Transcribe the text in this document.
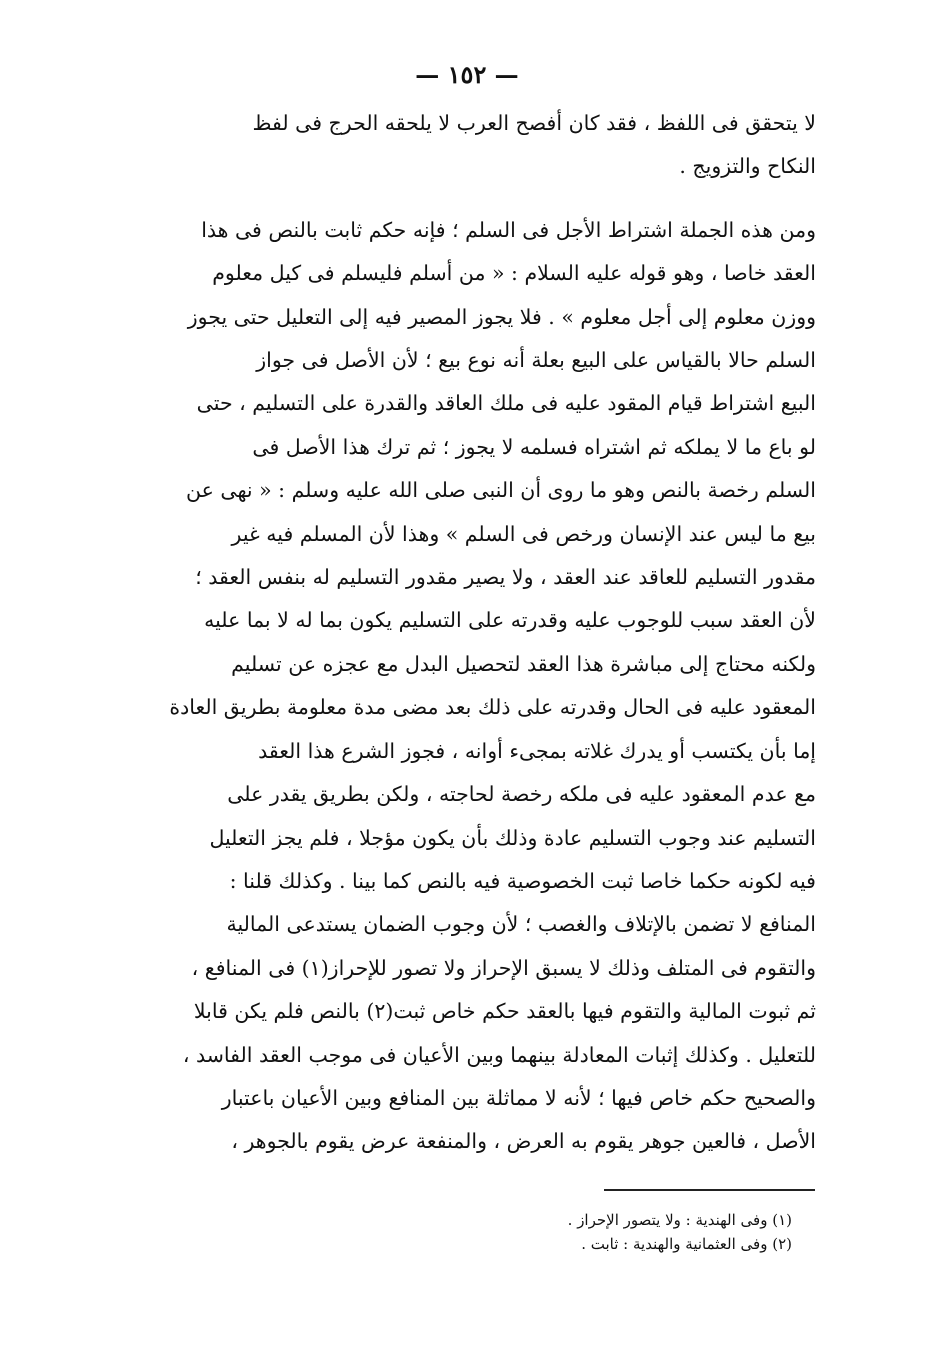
— ١٥٢ —
لا يتحقق فى اللفظ ، فقد كان أفصح العرب لا يلحقه الحرج فى لفظ
النكاح والتزويج .
ومن هذه الجملة اشتراط الأجل فى السلم ؛ فإنه حكم ثابت بالنص فى هذا
العقد خاصا ، وهو قوله عليه السلام : « من أسلم فليسلم فى كيل معلوم
ووزن معلوم إلى أجل معلوم » . فلا يجوز المصير فيه إلى التعليل حتى يجوز
السلم حالا بالقياس على البيع بعلة أنه نوع بيع ؛ لأن الأصل فى جواز
البيع اشتراط قيام المقود عليه فى ملك العاقد والقدرة على التسليم ، حتى
لو باع ما لا يملكه ثم اشتراه فسلمه لا يجوز ؛ ثم ترك هذا الأصل فى
السلم رخصة بالنص وهو ما روى أن النبى صلى الله عليه وسلم : « نهى عن
بيع ما ليس عند الإنسان ورخص فى السلم » وهذا لأن المسلم فيه غير
مقدور التسليم للعاقد عند العقد ، ولا يصير مقدور التسليم له بنفس العقد ؛
لأن العقد سبب للوجوب عليه وقدرته على التسليم يكون بما له لا بما عليه
ولكنه محتاج إلى مباشرة هذا العقد لتحصيل البدل مع عجزه عن تسليم
المعقود عليه فى الحال وقدرته على ذلك بعد مضى مدة معلومة بطريق العادة
إما بأن يكتسب أو يدرك غلاته بمجىء أوانه ، فجوز الشرع هذا العقد
مع عدم المعقود عليه فى ملكه رخصة لحاجته ، ولكن بطريق يقدر على
التسليم عند وجوب التسليم عادة وذلك بأن يكون مؤجلا ، فلم يجز التعليل
فيه لكونه حكما خاصا ثبت الخصوصية فيه بالنص كما بينا . وكذلك قلنا :
المنافع لا تضمن بالإتلاف والغصب ؛ لأن وجوب الضمان يستدعى المالية
والتقوم فى المتلف وذلك لا يسبق الإحراز ولا تصور للإحراز(١) فى المنافع ،
ثم ثبوت المالية والتقوم فيها بالعقد حكم خاص ثبت(٢) بالنص فلم يكن قابلا
للتعليل . وكذلك إثبات المعادلة بينهما وبين الأعيان فى موجب العقد الفاسد ،
والصحيح حكم خاص فيها ؛ لأنه لا مماثلة بين المنافع وبين الأعيان باعتبار
الأصل ، فالعين جوهر يقوم به العرض ، والمنفعة عرض يقوم بالجوهر ،
(١) وفى الهندية : ولا يتصور الإحراز .
(٢) وفى العثمانية والهندية : ثابت .
